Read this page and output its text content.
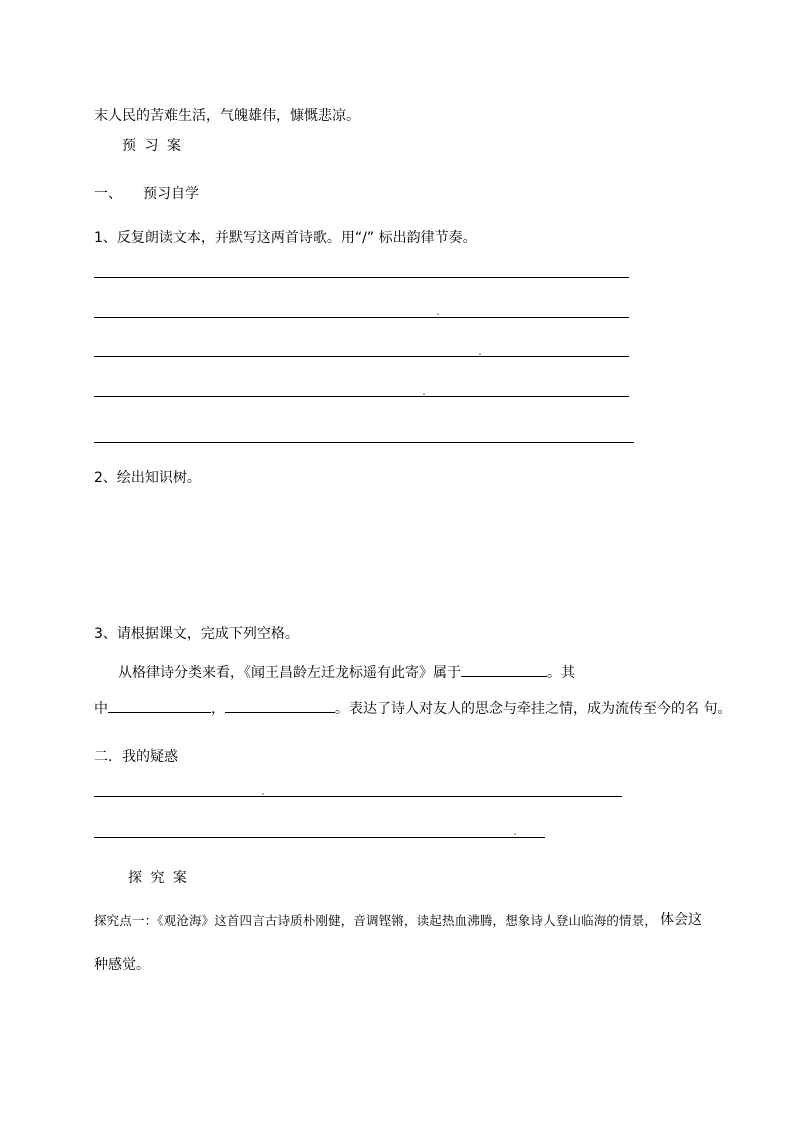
末人民的苦难生活，气魄雄伟，慷慨悲凉。
预 习 案
一、 预习自学
1、反复朗读文本，并默写这两首诗歌。用“/” 标出韵律节奏。
2、绘出知识树。
3、请根据课文，完成下列空格。
从格律诗分类来看，《闻王昌龄左迁龙标遥有此寄》属于	。其
中	，	。表达了诗人对友人的思念与牵挂之情，成为流传至今的名 句。
二．我的疑惑
探 究 案
探究点一：《观沧海》这首四言古诗质朴刚健，音调铿锵，读起热血沸腾，想象诗人登山临海的情景， 体会这
种感觉。
